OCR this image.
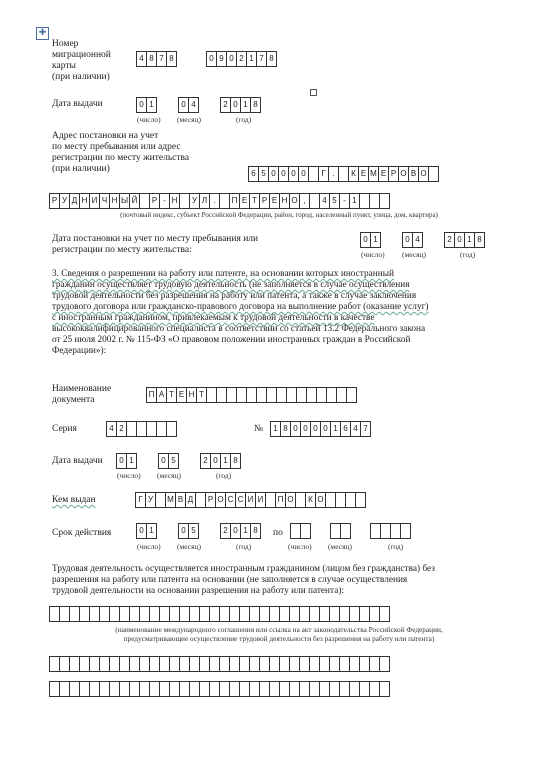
✚
Номер
миграционной
карты
(при наличии)
4 8 7 8	0 9 0 2 1 7 8
Дата выдачи	0 1	0 4	2 0 1 8
(число) (месяц)	(год)
Адрес постановки на учет
по месту пребывания или адрес
регистрации по месту жительства
(при наличии)	6 5 0 0 0 0	Г .	К Е М Е Р О В О
Р У Д Н И Ч Н Ы Й	Р - Н	У Л .	П Е Т Р Е Н О ,	4 5 - 1
(почтовый индекс, субъект Российской Федерации, район, город, населенный пункт, улица, дом, квартира)
Дата постановки на учет по месту пребывания или
регистрации по месту жительства:
0 1	0 4	2 0 1 8
(число) (месяц)	(год)
3. Сведения о разрешении на работу или патенте, на основании которых иностранный
гражданин осуществляет трудовую деятельность (не заполняется в случае осуществления
трудовой деятельности без разрешения на работу или патента, а также в случае заключения
трудового договора или гражданско-правового договора на выполнение работ (оказание услуг)
с иностранным гражданином, привлекаемым к трудовой деятельности в качестве
высококвалифицированного специалиста в соответствии со статьей 13.2 Федерального закона
от 25 июля 2002 г. № 115-ФЗ «О правовом положении иностранных граждан в Российской
Федерации»):
Наименование
документа
П А Т Е Н Т
Серия	4 2	№	1 8 0 0 0 0 1 6 4 7
Дата выдачи	0 1	0 5	2 0 1 8
(число) (месяц)	(год)
Кем выдан	Г У	М В Д	Р О С С И И	П О	К О
Срок действия	0 1	0 5	2 0 1 8	по
(число) (месяц)	(год)	(число) (месяц)	(год)
Трудовая деятельность осуществляется иностранным гражданином (лицом без гражданства) без
разрешения на работу или патента на основании (не заполняется в случае осуществления
трудовой деятельности на основании разрешения на работу или патента):
(наименование международного соглашения или ссылка на акт законодательства Российской Федерации,
предусматривающие осуществление трудовой деятельности без разрешения на работу или патента)
